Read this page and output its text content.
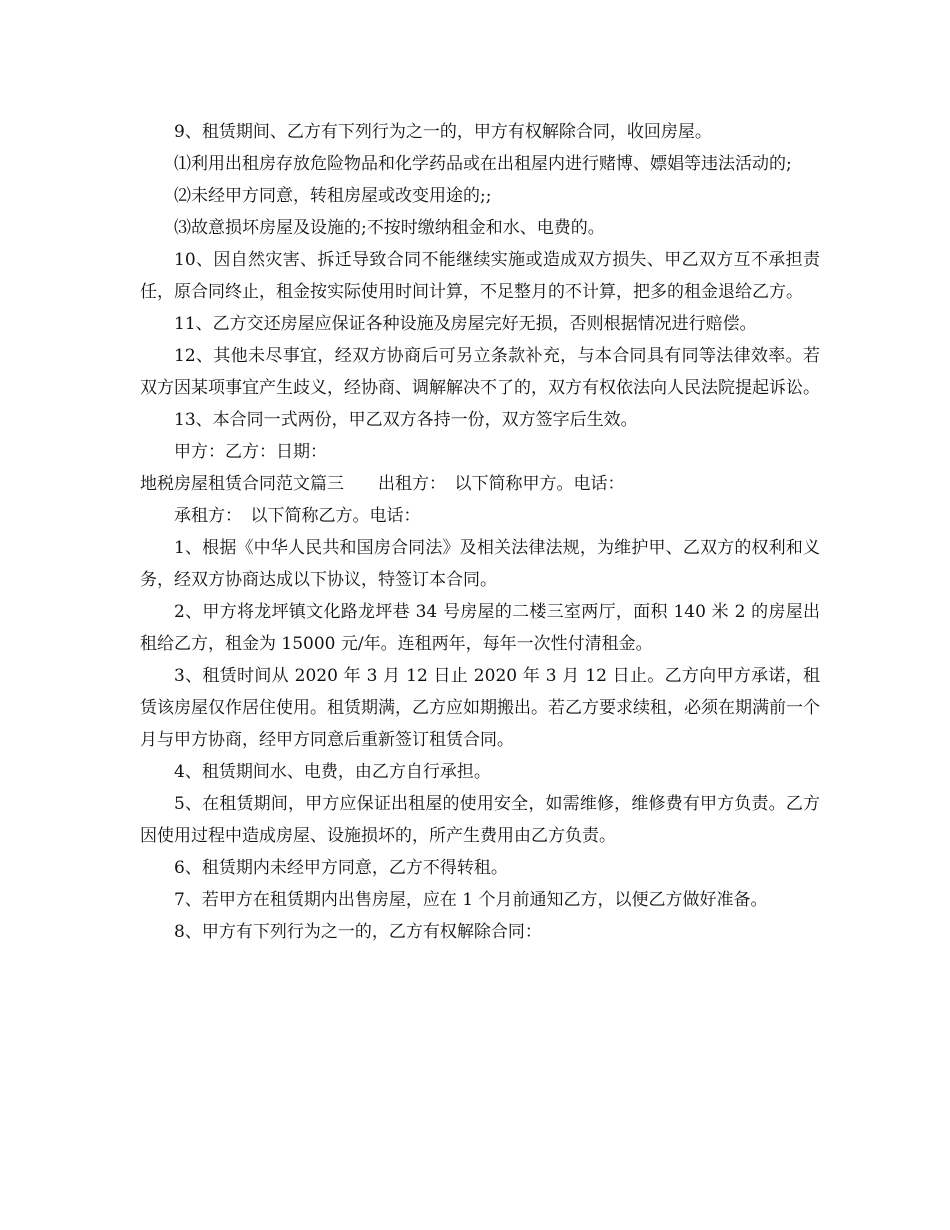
9、租赁期间、乙方有下列行为之一的，甲方有权解除合同，收回房屋。

⑴利用出租房存放危险物品和化学药品或在出租屋内进行赌博、嫖娼等违法活动的;

⑵未经甲方同意，转租房屋或改变用途的;;

⑶故意损坏房屋及设施的;不按时缴纳租金和水、电费的。

10、因自然灾害、拆迁导致合同不能继续实施或造成双方损失、甲乙双方互不承担责任，原合同终止，租金按实际使用时间计算，不足整月的不计算，把多的租金退给乙方。

11、乙方交还房屋应保证各种设施及房屋完好无损，否则根据情况进行赔偿。

12、其他未尽事宜，经双方协商后可另立条款补充，与本合同具有同等法律效率。若双方因某项事宜产生歧义，经协商、调解解决不了的，双方有权依法向人民法院提起诉讼。

13、本合同一式两份，甲乙双方各持一份，双方签字后生效。

甲方：乙方：日期：

地税房屋租赁合同范文篇三　　出租方：　以下简称甲方。电话：

承租方：　以下简称乙方。电话：

1、根据《中华人民共和国房合同法》及相关法律法规，为维护甲、乙双方的权利和义务，经双方协商达成以下协议，特签订本合同。

2、甲方将龙坪镇文化路龙坪巷 34 号房屋的二楼三室两厅，面积 140 米 2 的房屋出租给乙方，租金为 15000 元/年。连租两年，每年一次性付清租金。

3、租赁时间从 2020 年 3 月 12 日止 2020 年 3 月 12 日止。乙方向甲方承诺，租赁该房屋仅作居住使用。租赁期满，乙方应如期搬出。若乙方要求续租，必须在期满前一个月与甲方协商，经甲方同意后重新签订租赁合同。

4、租赁期间水、电费，由乙方自行承担。

5、在租赁期间，甲方应保证出租屋的使用安全，如需维修，维修费有甲方负责。乙方因使用过程中造成房屋、设施损坏的，所产生费用由乙方负责。

6、租赁期内未经甲方同意，乙方不得转租。

7、若甲方在租赁期内出售房屋，应在 1 个月前通知乙方，以便乙方做好准备。

8、甲方有下列行为之一的，乙方有权解除合同：
